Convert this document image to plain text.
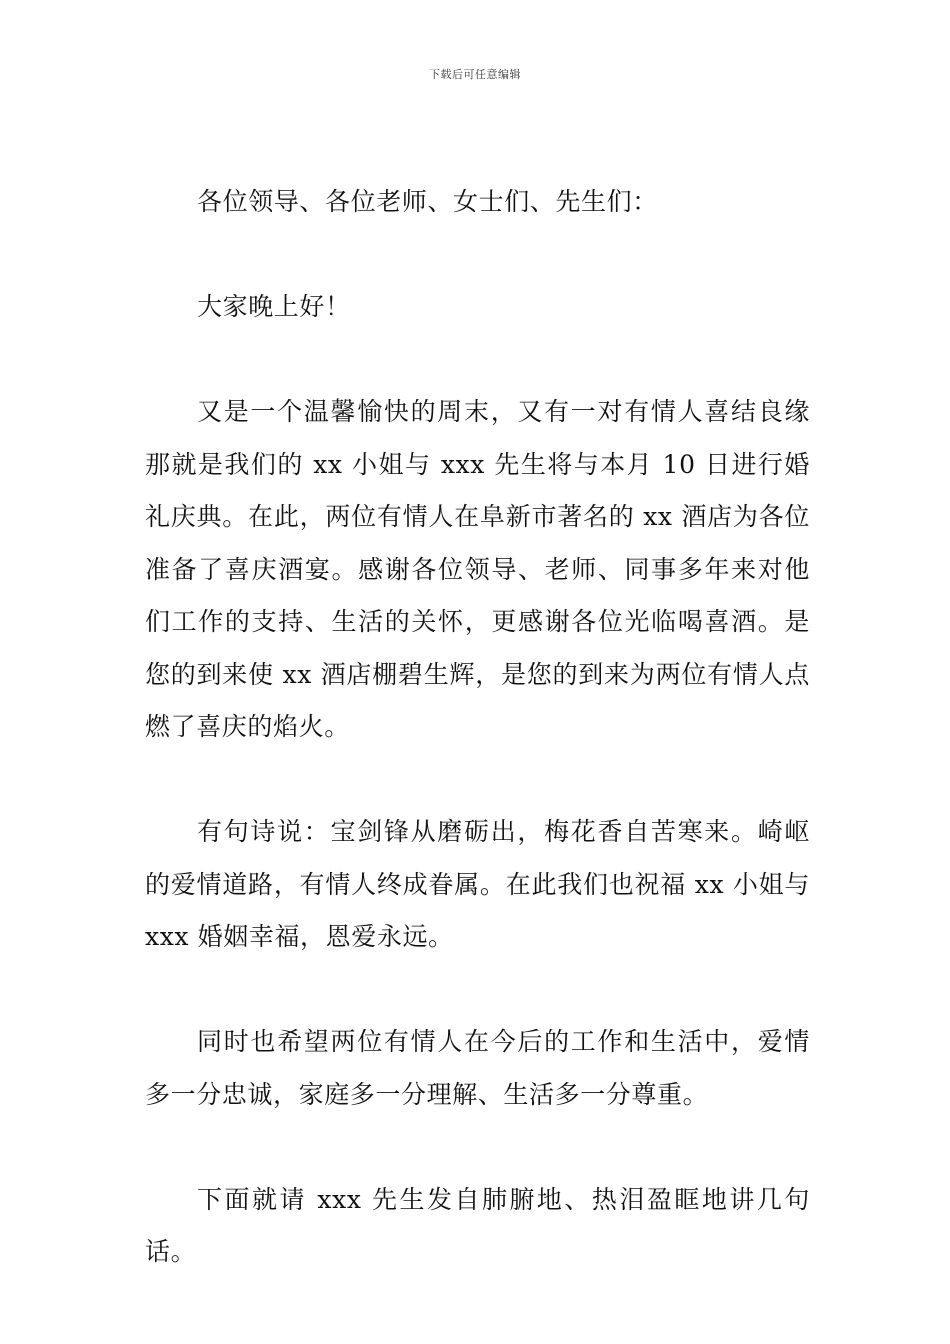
下载后可任意编辑

各位领导、各位老师、女士们、先生们：

大家晚上好！

又是一个温馨愉快的周末，又有一对有情人喜结良缘那就是我们的 xx 小姐与 xxx 先生将与本月 10 日进行婚礼庆典。在此，两位有情人在阜新市著名的 xx 酒店为各位准备了喜庆酒宴。感谢各位领导、老师、同事多年来对他们工作的支持、生活的关怀，更感谢各位光临喝喜酒。是您的到来使 xx 酒店棚碧生辉，是您的到来为两位有情人点燃了喜庆的焰火。

有句诗说：宝剑锋从磨砺出，梅花香自苦寒来。崎岖的爱情道路，有情人终成眷属。在此我们也祝福 xx 小姐与 xxx 婚姻幸福，恩爱永远。

同时也希望两位有情人在今后的工作和生活中，爱情多一分忠诚，家庭多一分理解、生活多一分尊重。

下面就请 xxx 先生发自肺腑地、热泪盈眶地讲几句话。
